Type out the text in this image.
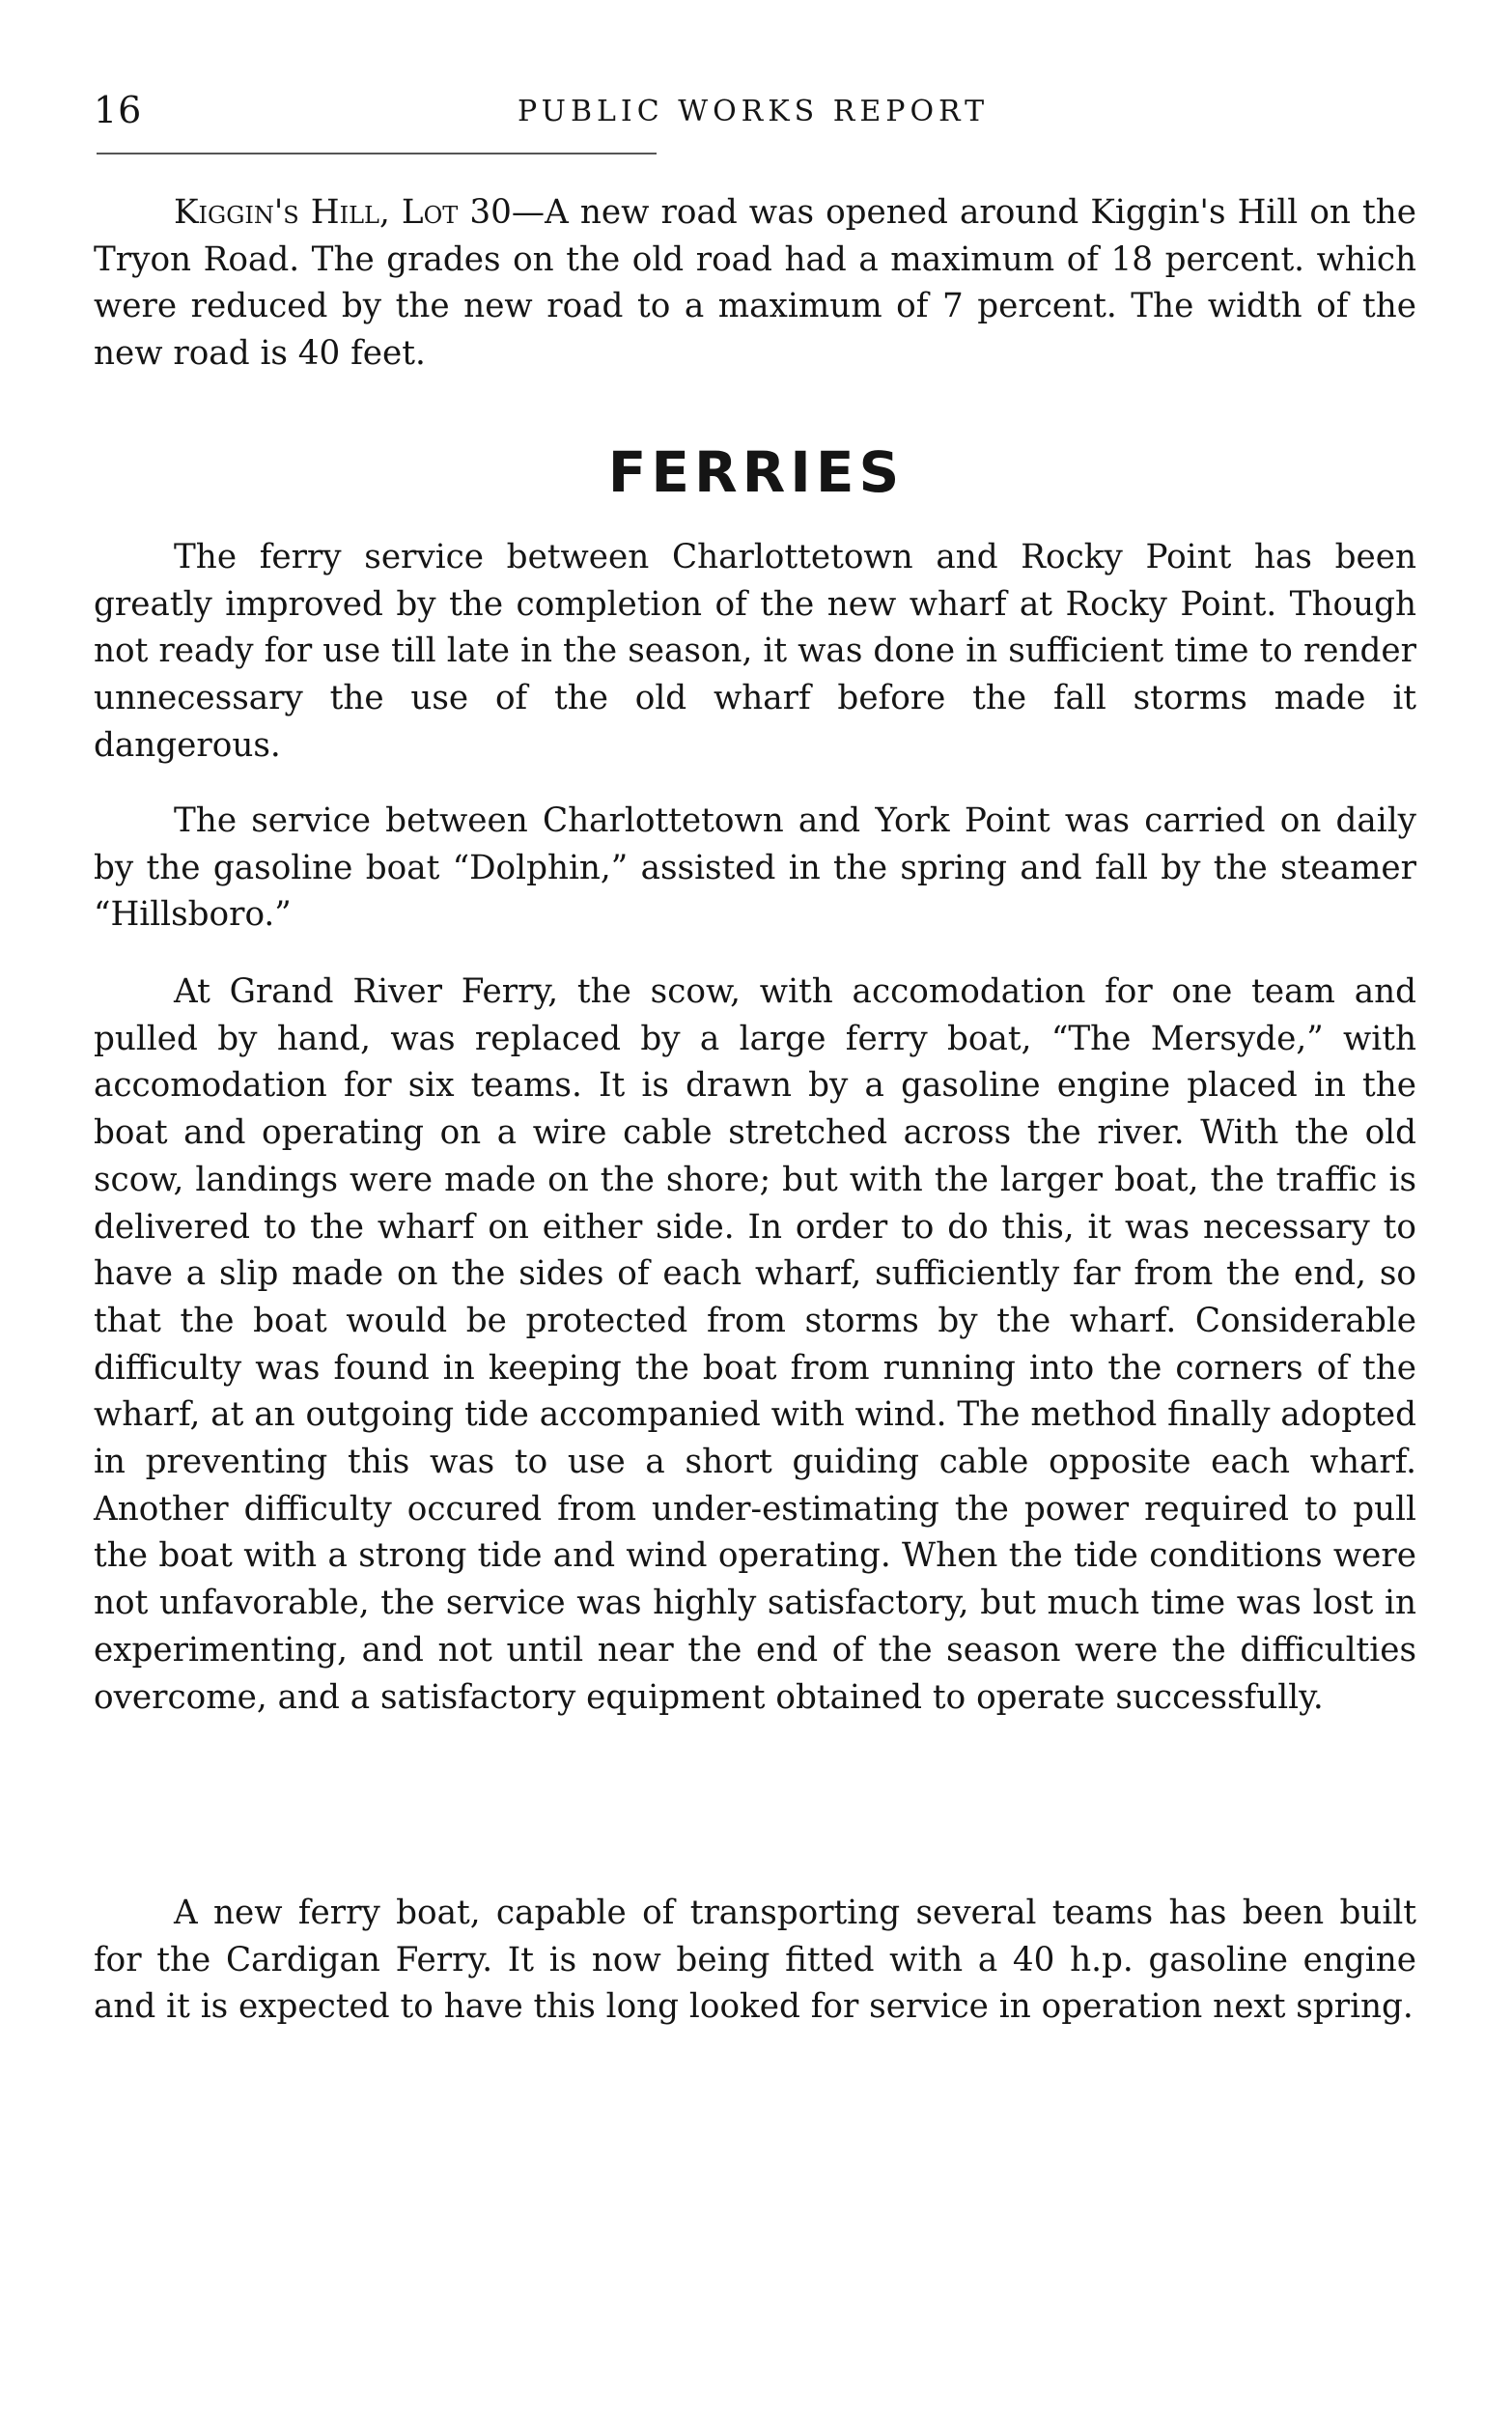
16	PUBLIC WORKS REPORT

Kiggin's Hill, Lot 30—A new road was opened around Kiggin's Hill on the Tryon Road. The grades on the old road had a maximum of 18 percent. which were reduced by the new road to a maximum of 7 percent. The width of the new road is 40 feet.

FERRIES

The ferry service between Charlottetown and Rocky Point has been greatly improved by the completion of the new wharf at Rocky Point. Though not ready for use till late in the season, it was done in sufficient time to render unnecessary the use of the old wharf before the fall storms made it dangerous.

The service between Charlottetown and York Point was carried on daily by the gasoline boat “Dolphin,” assisted in the spring and fall by the steamer “Hillsboro.”

At Grand River Ferry, the scow, with accomodation for one team and pulled by hand, was replaced by a large ferry boat, “The Mersyde,” with accomodation for six teams. It is drawn by a gasoline engine placed in the boat and operating on a wire cable stretched across the river. With the old scow, landings were made on the shore; but with the larger boat, the traffic is delivered to the wharf on either side. In order to do this, it was necessary to have a slip made on the sides of each wharf, sufficiently far from the end, so that the boat would be protected from storms by the wharf. Considerable difficulty was found in keeping the boat from running into the corners of the wharf, at an outgoing tide accompanied with wind. The method finally adopted in preventing this was to use a short guiding cable opposite each wharf. Another difficulty occured from under-estimating the power required to pull the boat with a strong tide and wind operating. When the tide conditions were not unfavorable, the service was highly satisfactory, but much time was lost in experimenting, and not until near the end of the season were the difficulties overcome, and a satisfactory equipment obtained to operate successfully.

A new ferry boat, capable of transporting several teams has been built for the Cardigan Ferry. It is now being fitted with a 40 h.p. gasoline engine and it is expected to have this long looked for service in operation next spring.
